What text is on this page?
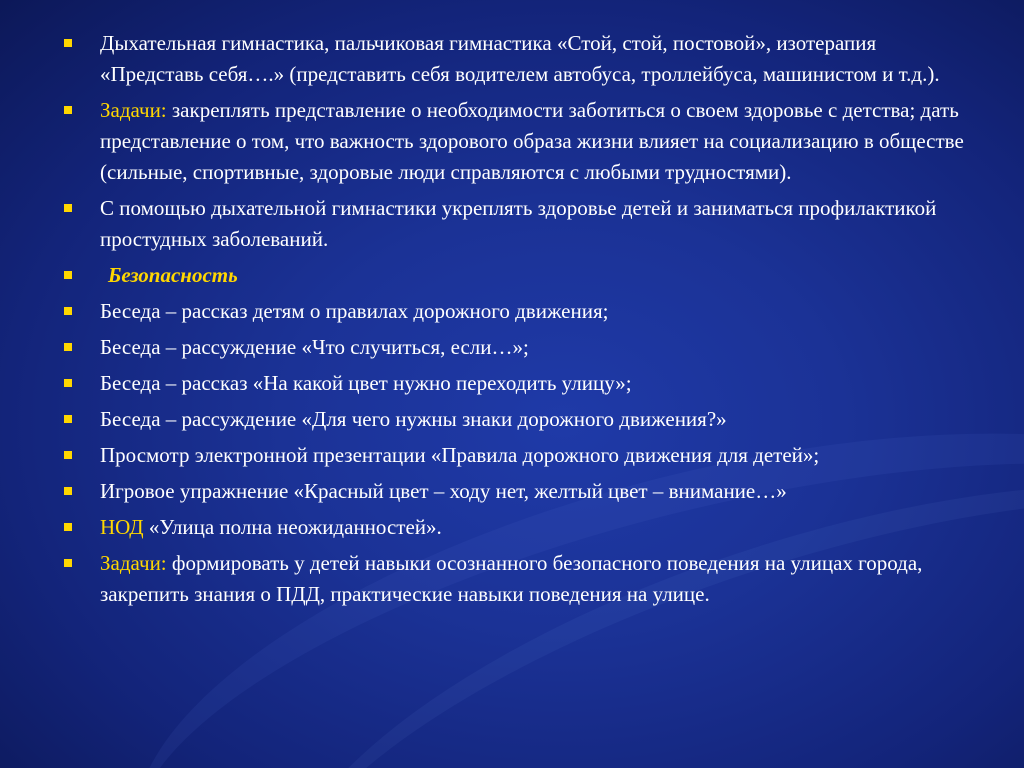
Дыхательная гимнастика, пальчиковая гимнастика «Стой, стой, постовой», изотерапия «Представь себя….» (представить себя водителем автобуса, троллейбуса, машинистом и т.д.).
Задачи: закреплять представление о необходимости заботиться о своем здоровье с детства; дать представление о том, что важность здорового образа жизни влияет на социализацию в обществе (сильные, спортивные, здоровые люди справляются с любыми трудностями).
С помощью дыхательной гимнастики укреплять здоровье детей и заниматься профилактикой простудных заболеваний.
Безопасность
Беседа – рассказ детям о правилах дорожного движения;
Беседа – рассуждение «Что случиться, если…»;
Беседа – рассказ «На какой цвет нужно переходить улицу»;
Беседа – рассуждение «Для чего нужны знаки дорожного движения?»
Просмотр электронной презентации «Правила дорожного движения для детей»;
Игровое упражнение «Красный цвет – ходу нет, желтый цвет – внимание…»
НОД «Улица полна неожиданностей».
Задачи: формировать у детей навыки осознанного безопасного поведения на улицах города, закрепить знания о ПДД, практические навыки поведения на улице.
